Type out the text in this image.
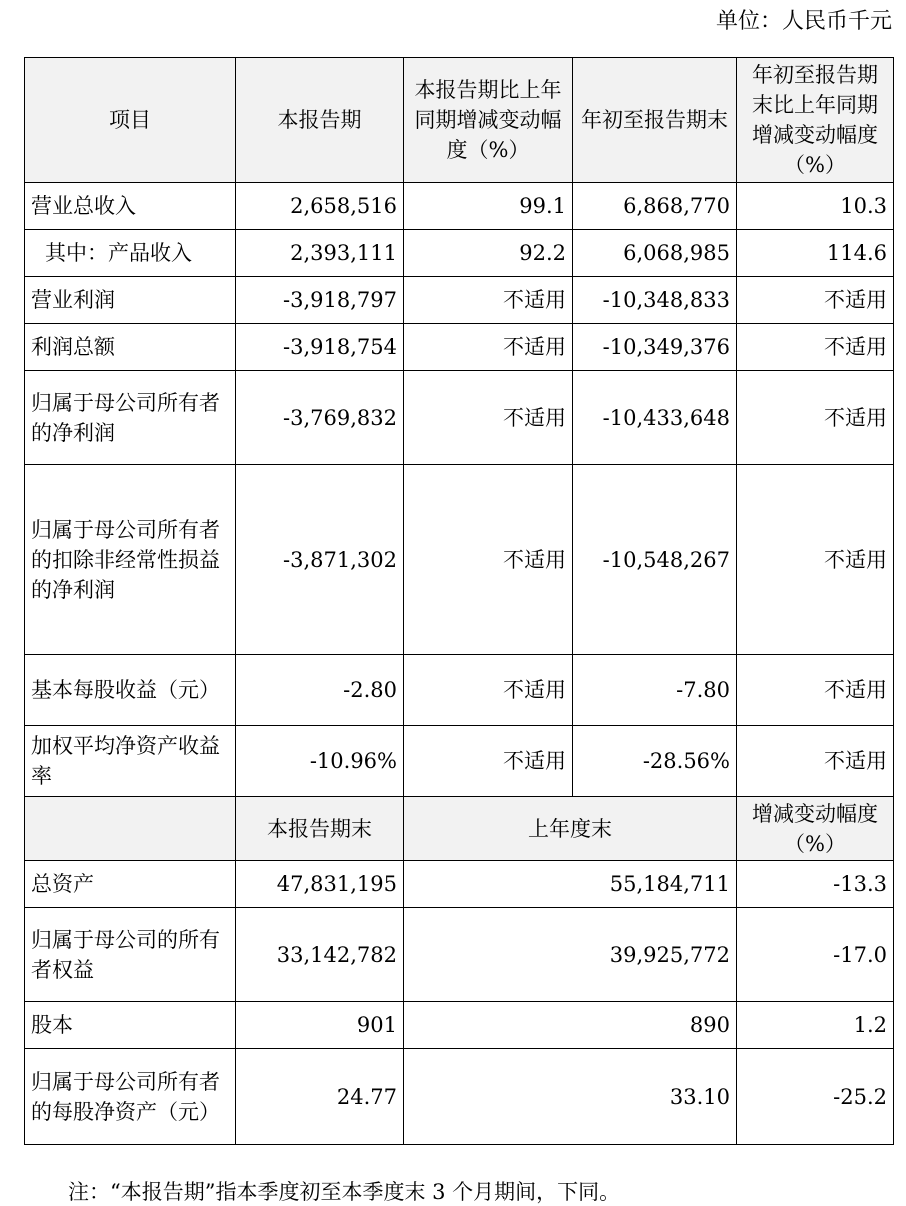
单位：人民币千元
项目	本报告期	本报告期比上年同期增减变动幅度（%）	年初至报告期末	年初至报告期末比上年同期增减变动幅度（%）
营业总收入	2,658,516	99.1	6,868,770	10.3
其中：产品收入	2,393,111	92.2	6,068,985	114.6
营业利润	-3,918,797	不适用	-10,348,833	不适用
利润总额	-3,918,754	不适用	-10,349,376	不适用
归属于母公司所有者的净利润	-3,769,832	不适用	-10,433,648	不适用
归属于母公司所有者的扣除非经常性损益的净利润	-3,871,302	不适用	-10,548,267	不适用
基本每股收益（元）	-2.80	不适用	-7.80	不适用
加权平均净资产收益率	-10.96%	不适用	-28.56%	不适用
	本报告期末	上年度末		增减变动幅度（%）
总资产	47,831,195	55,184,711		-13.3
归属于母公司的所有者权益	33,142,782	39,925,772		-17.0
股本	901	890		1.2
归属于母公司所有者的每股净资产（元）	24.77	33.10		-25.2
注：“本报告期”指本季度初至本季度末 3 个月期间，下同。
